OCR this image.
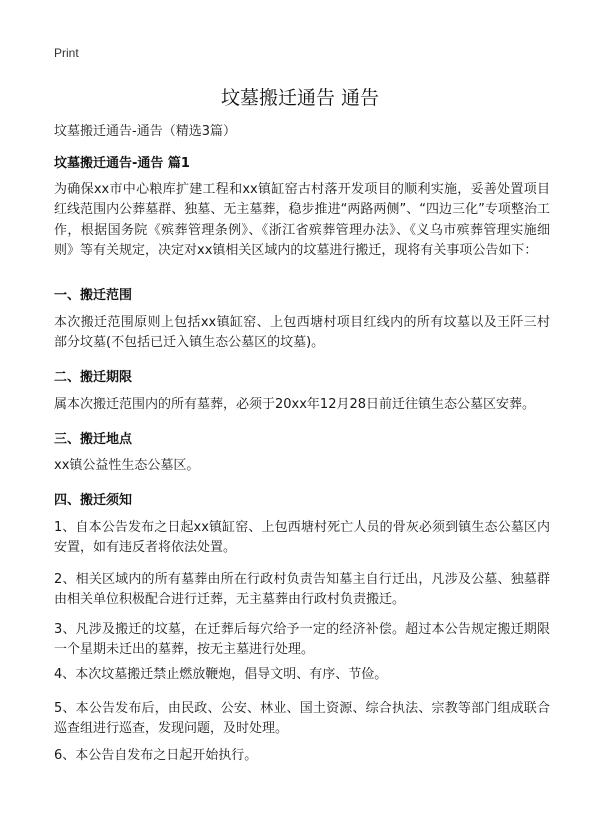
Print
坟墓搬迁通告 通告
坟墓搬迁通告-通告（精选3篇）
坟墓搬迁通告-通告 篇1

为确保xx市中心粮库扩建工程和xx镇缸窑古村落开发项目的顺利实施，妥善处置项目红线范围内公葬墓群、独墓、无主墓葬，稳步推进“两路两侧”、“四边三化”专项整治工作，根据国务院《殡葬管理条例》、《浙江省殡葬管理办法》、《义乌市殡葬管理实施细则》等有关规定，决定对xx镇相关区域内的坟墓进行搬迁，现将有关事项公告如下：

一、搬迁范围

本次搬迁范围原则上包括xx镇缸窑、上包西塘村项目红线内的所有坟墓以及王阡三村部分坟墓(不包括已迁入镇生态公墓区的坟墓)。

二、搬迁期限

属本次搬迁范围内的所有墓葬，必须于20xx年12月28日前迁往镇生态公墓区安葬。

三、搬迁地点

xx镇公益性生态公墓区。

四、搬迁须知

1、自本公告发布之日起xx镇缸窑、上包西塘村死亡人员的骨灰必须到镇生态公墓区内安置，如有违反者将依法处置。

2、相关区域内的所有墓葬由所在行政村负责告知墓主自行迁出，凡涉及公墓、独墓群由相关单位积极配合进行迁葬，无主墓葬由行政村负责搬迁。

3、凡涉及搬迁的坟墓，在迁葬后每穴给予一定的经济补偿。超过本公告规定搬迁期限一个星期未迁出的墓葬，按无主墓进行处理。

4、本次坟墓搬迁禁止燃放鞭炮，倡导文明、有序、节俭。

5、本公告发布后，由民政、公安、林业、国土资源、综合执法、宗教等部门组成联合巡查组进行巡查，发现问题，及时处理。

6、本公告自发布之日起开始执行。
